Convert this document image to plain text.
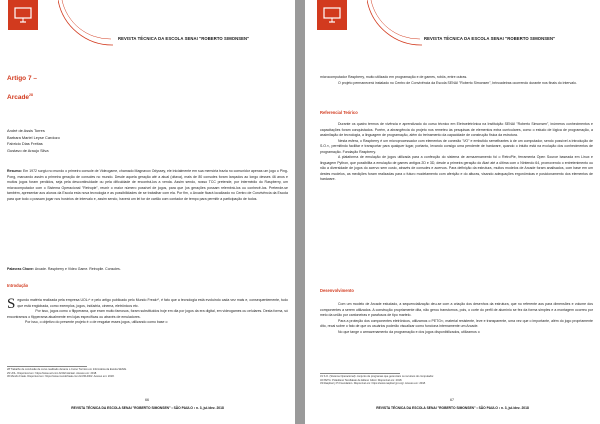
REVISTA TÉCNICA DA ESCOLA SENAI "ROBERTO SIMONSEN"
Artigo 7 –
Arcade$^{28}$
André de Assis Torres
Barbara Mariel Leyse Cardozo
Fabricio Dias Freitas
Gustavo de Araujo Silva

Resumo: Em 1972 surgiu no mundo o primeiro console de Videogame, chamado Magnavox Odyssey, ele inicialmente em sua memória trazia no comunidor apenas um jogo o Ping-Pong, marcando assim a primeira geração de consoles no mundo. Desde aquela geração até a atual (oitava), mais de 80 consoles foram lançados ao longo desses 46 anos e muitos jogos foram perdidos, seja pela descontinuidade ou pela dificuldade de encontrá-los a venda. Assim sendo, nosso TCC pretende, por intermédio do Raspberry, um microcomputador com o Sistema Operacional "Retropie", reunir o maior número possível de jogos, para que (os gerações possam relembrá-los ou conhecê-los. Pretende-se também, apresentar aos alunos da Escola esta nova tecnologia e as possibilidades de se trabalhar com ela. Por fim, o Arcade ficará localizado no Centro de Convivência da Escola para que todo o possam jogar nos horários de intervalo e, assim sendo, haverá um lei tor de cartão com contador de tempo para permitir a participação de todos.

Palavras Chave: Arcade. Raspberry e Video Game. Retroplie. Consoles.

Introdução

Segundo matéria realizada pela empresa UOL²⁹ e pelo artigo publicado pelo Mundo Freak³⁰, é fato que a tecnologia está evoluindo cada vez mais e, consequentemente, tudo que está englobada, como exemplos, jogos, indústria, cinema, eletrônicos etc.

Por isso, jogos como o flipperama, que eram muito famosos, foram substituídos hoje em dia por jogos da era digital, em videogames ou celulares. Desta forma, só encontramos o flipperama atualmente em lojas específicas ou através de emuladores.

Por isso, o objetivo do presente projeto é o de resgatar esses jogos, utilizando como base o

28 Trabalho de conclusão de curso realizado durante o Curso Técnico em Informática da Escola SENAI.
29 UOL. Disponível em: https://www.uol.com.br/tilt/noticias/. Acesso em: 2018.
30 Mundo Freak. Disponível em: https://www.mundofreak.com.br/2014/03/. Acesso em: 2018.
66
REVISTA TÉCNICA DA ESCOLA SENAI "ROBERTO SIMONSEN" • SÃO PAULO • n. 3, jul./dez. 2018
REVISTA TÉCNICA DA ESCOLA SENAI "ROBERTO SIMONSEN"

microcomputador Raspberry, muito utilizado em programação e de games, robôs, entre outras.

O projeto permanecerá instalado no Centro de Convivência da Escola SENAI "Roberto Simonsen", brincadeiras ocorrendo durante nos finais do intervalo.

Referencial Teórico

Durante os quatro termos de vivência e aprendizado do curso técnico em Eletroeletrônica na Instituição SENAI "Roberto Simonsen", inúmeros conhecimentos e capacitações foram conquistados. Porém, a abrangência do projeto nos remeteu às pesquisas de elementos extra curriculares, como o estudo de lógica de programação, a assimilação de tecnologia, a linguagem de programação, além do treinamento da capacidade de construção física da estrutura.

Nesta esfera, o Raspberry é um microprocessador com elementos de conexão "I/O" e embutido semelhantes à de um computador, sendo possível a introdução de S.O.³¹, permitindo facilitar e transportar para qualquer lugar, portanto, levando consigo uma pendente de hardware, quando o intuito está na evolução dos conhecimentos de programação. Fundação Raspberry.

A plataforma de emulação de jogos utilizada para a confecção do sistema de armazenamento foi o RetroPie, ferramenta Open Source baseada em Linux e linguagem Python, que possibilita a emulação de games antigos 2D e 3D, desde a primeira geração do Atari até a última com o Nintendo 64, promovendo o entretenimento ou não a diversidade de jogos do acervo sem custo, através de consoles e acervos. Para definição da estrutura, muitos modelos de Arcade foram analisados, com base em um destes modelos, as medições foram realizadas para o futuro modelamento com aferição e do alturas, visando adequações ergonômicas e posicionamento dos elementos de hardware.

Desenvolvimento

Com um modelo de Arcade estudado, a sequencialização deu-se com a criação dos desenhos da estrutura, que no referente aos para dimensões e volume dos componentes a serem utilizados. A construção propriamente dita, não gerou transtornos, pois, o corte do perfil de alumínio se fez da forma simples e a montagem ocorreu por meio da união por cantoneiras e parafusos de tipo martelo.

Para a proteção dos componentes eletrônicos, utilizamos o PETG³², material resistente, leve e transparente, uma vez que o importante, além do jogo propriamente dito, recai sobre o fato de que os usuários poderão visualizar como funciona internamente um Arcade.

No que tange o armazenamento da programação e dos jogos disponibilizados, utilizamos o

31 S.O. (Sistema Operacional): conjunto de programas que gerenciam os recursos do computador.
32 PETG: Polietileno Tereftalato de Etileno Glicol. Disponível em: 2018.
33 Raspberry Pi Foundation. Disponível em: https://www.raspberrypi.org/. Acesso em: 2018.
67
REVISTA TÉCNICA DA ESCOLA SENAI "ROBERTO SIMONSEN" • SÃO PAULO • n. 3, jul./dez. 2018
